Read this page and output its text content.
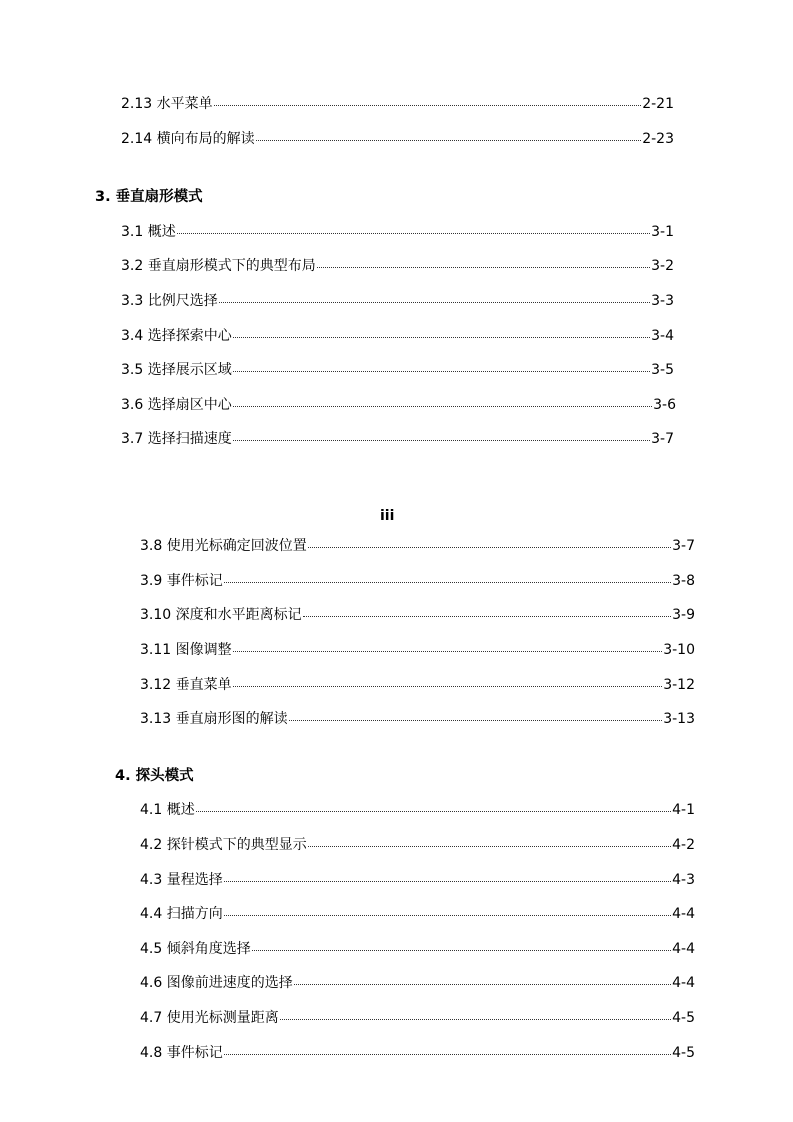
2.13 水平菜单	2-21
2.14 横向布局的解读	2-23
3. 垂直扇形模式
3.1 概述	3-1
3.2 垂直扇形模式下的典型布局	3-2
3.3 比例尺选择	3-3
3.4 选择探索中心	3-4
3.5 选择展示区域	3-5
3.6 选择扇区中心	3-6
3.7 选择扫描速度	3-7
iii
3.8 使用光标确定回波位置	3-7
3.9 事件标记	3-8
3.10 深度和水平距离标记	3-9
3.11 图像调整	3-10
3.12 垂直菜单	3-12
3.13 垂直扇形图的解读	3-13
4. 探头模式
4.1 概述	4-1
4.2 探针模式下的典型显示	4-2
4.3 量程选择	4-3
4.4 扫描方向	4-4
4.5 倾斜角度选择	4-4
4.6 图像前进速度的选择	4-4
4.7 使用光标测量距离	4-5
4.8 事件标记	4-5
